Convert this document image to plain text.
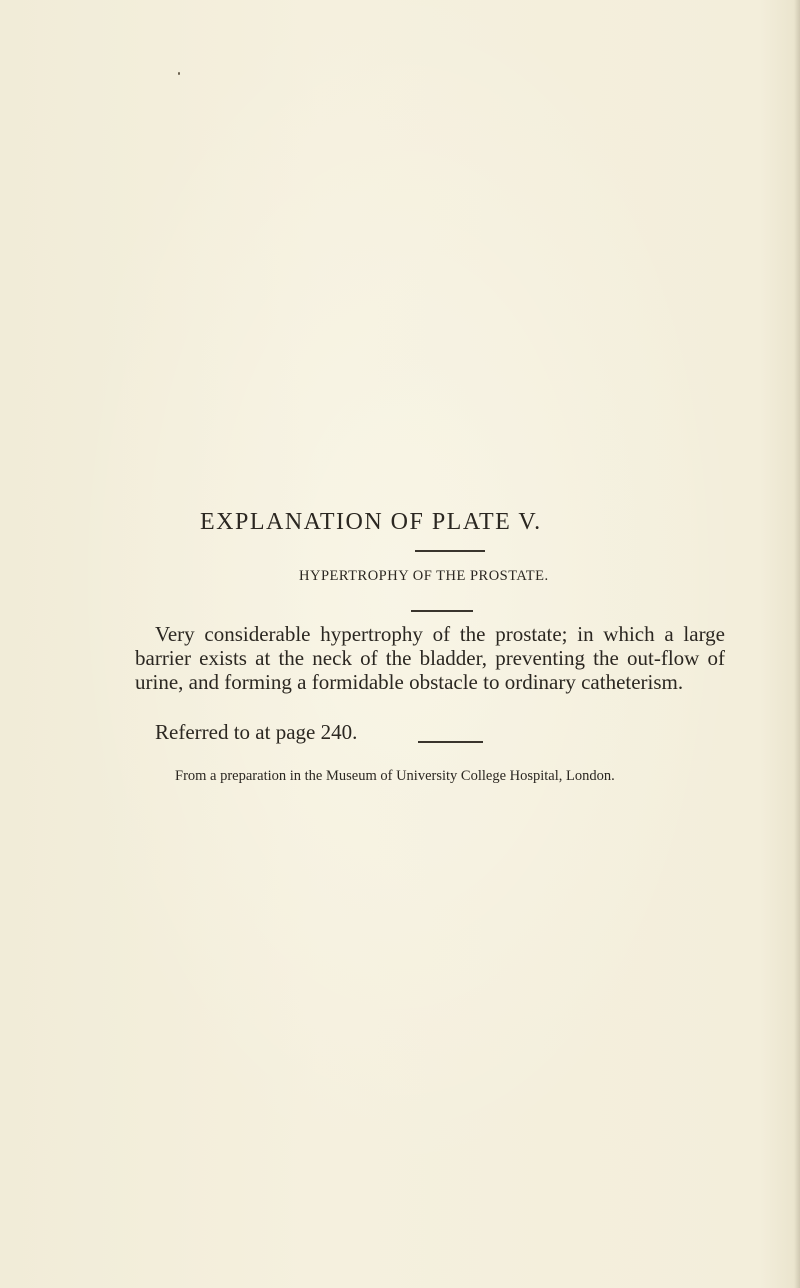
EXPLANATION OF PLATE V.
HYPERTROPHY OF THE PROSTATE.

Very considerable hypertrophy of the prostate; in which a large barrier exists at the neck of the bladder, preventing the out-flow of urine, and forming a formidable obstacle to ordinary catheterism.

Referred to at page 240.

From a preparation in the Museum of University College Hospital, London.
